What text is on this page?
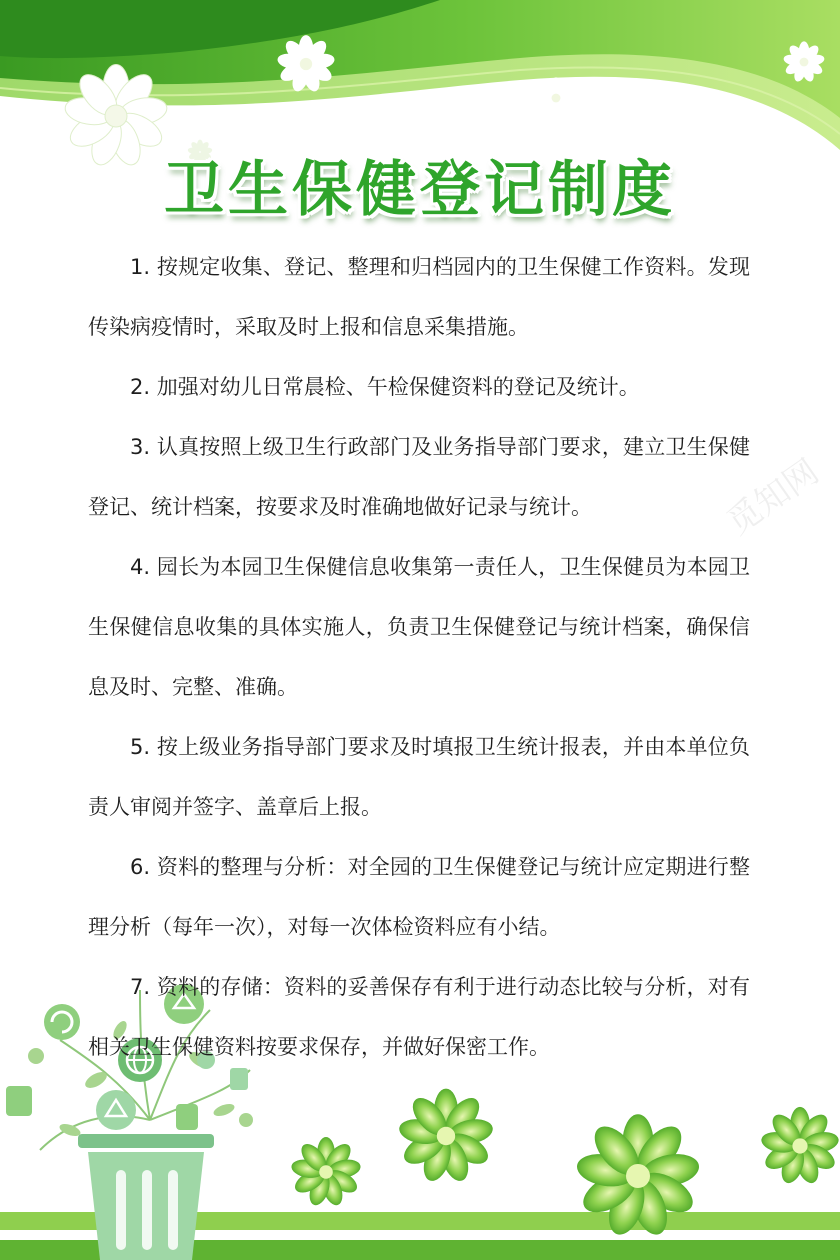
卫生保健登记制度

1. 按规定收集、登记、整理和归档园内的卫生保健工作资料。发现传染病疫情时，采取及时上报和信息采集措施。

2. 加强对幼儿日常晨检、午检保健资料的登记及统计。

3. 认真按照上级卫生行政部门及业务指导部门要求，建立卫生保健登记、统计档案，按要求及时准确地做好记录与统计。

4. 园长为本园卫生保健信息收集第一责任人，卫生保健员为本园卫生保健信息收集的具体实施人，负责卫生保健登记与统计档案，确保信息及时、完整、准确。

5. 按上级业务指导部门要求及时填报卫生统计报表，并由本单位负责人审阅并签字、盖章后上报。

6. 资料的整理与分析：对全园的卫生保健登记与统计应定期进行整理分析（每年一次），对每一次体检资料应有小结。

7. 资料的存储：资料的妥善保存有利于进行动态比较与分析，对有相关卫生保健资料按要求保存，并做好保密工作。

觅知网
